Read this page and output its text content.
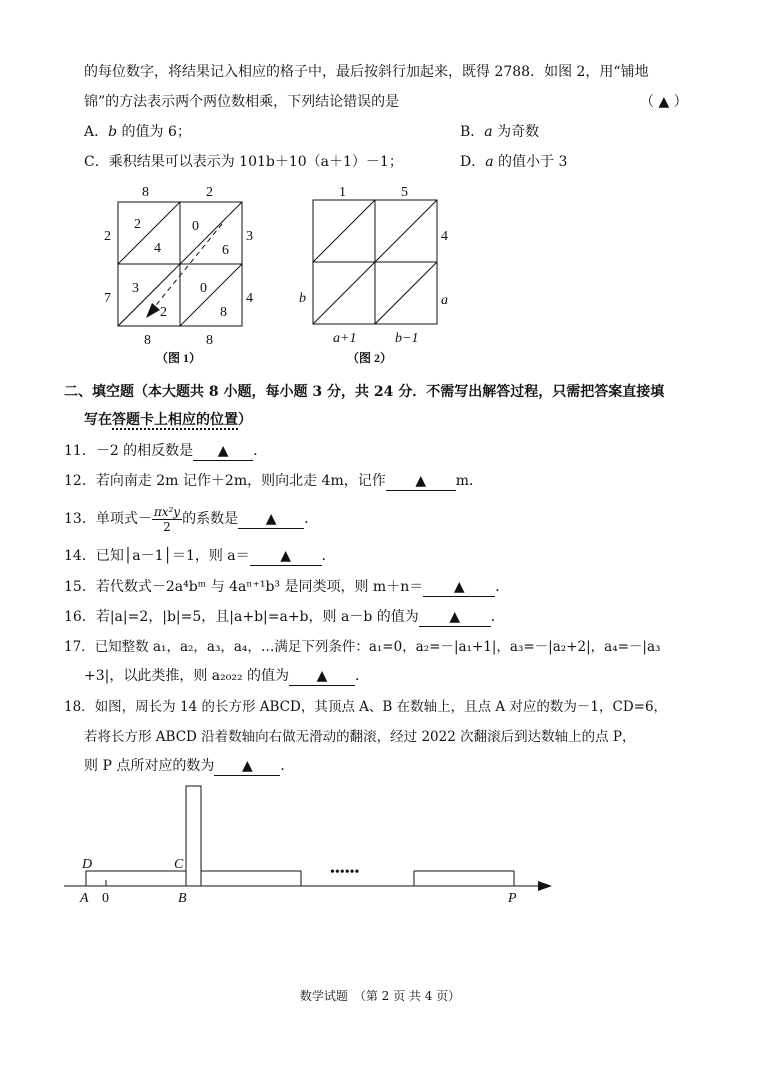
的每位数字，将结果记入相应的格子中，最后按斜行加起来，既得 2788．如图 2，用“铺地
锦”的方法表示两个两位数相乘，下列结论错误的是	（ ▲ ）
A．b 的值为 6；	B．a 为奇数
C．乘积结果可以表示为 101b＋10（a＋1）－1；	D．a 的值小于 3
8	2
2
7
3
4
8	8
2
4
0
6
3
2
0
8
（图 1）
1	5
4
a
b
a+1	b−1
（图 2）
二、填空题（本大题共 8 小题，每小题 3 分，共 24 分．不需写出解答过程，只需把答案直接填
写在答题卡上相应的位置）
11．－2 的相反数是 ▲ ．
12．若向南走 2m 记作＋2m，则向北走 4m，记作 ▲ m．
13．单项式－ $\frac{\text{πx²y}}{2}$ 的系数是 ▲ ．
14．已知│a－1│＝1，则 a＝ ▲ ．
15．若代数式－2a⁴bᵐ 与 4aⁿ⁺¹b³ 是同类项，则 m＋n＝ ▲ ．
16．若|a|=2，|b|=5，且|a+b|=a+b，则 a－b 的值为 ▲ ．
17．已知整数 a₁，a₂，a₃，a₄，…满足下列条件：a₁=0，a₂=－|a₁+1|，a₃=－|a₂+2|，a₄=－|a₃
+3|，以此类推，则 a₂₀₂₂ 的值为 ▲ ．
18．如图，周长为 14 的长方形 ABCD，其顶点 A、B 在数轴上，且点 A 对应的数为－1，CD=6，
若将长方形 ABCD 沿着数轴向右做无滑动的翻滚，经过 2022 次翻滚后到达数轴上的点 P，
则 P 点所对应的数为 ▲ ．
D	C
A	B	P
0
••••••
数学试题　（第 2 页 共 4 页）
